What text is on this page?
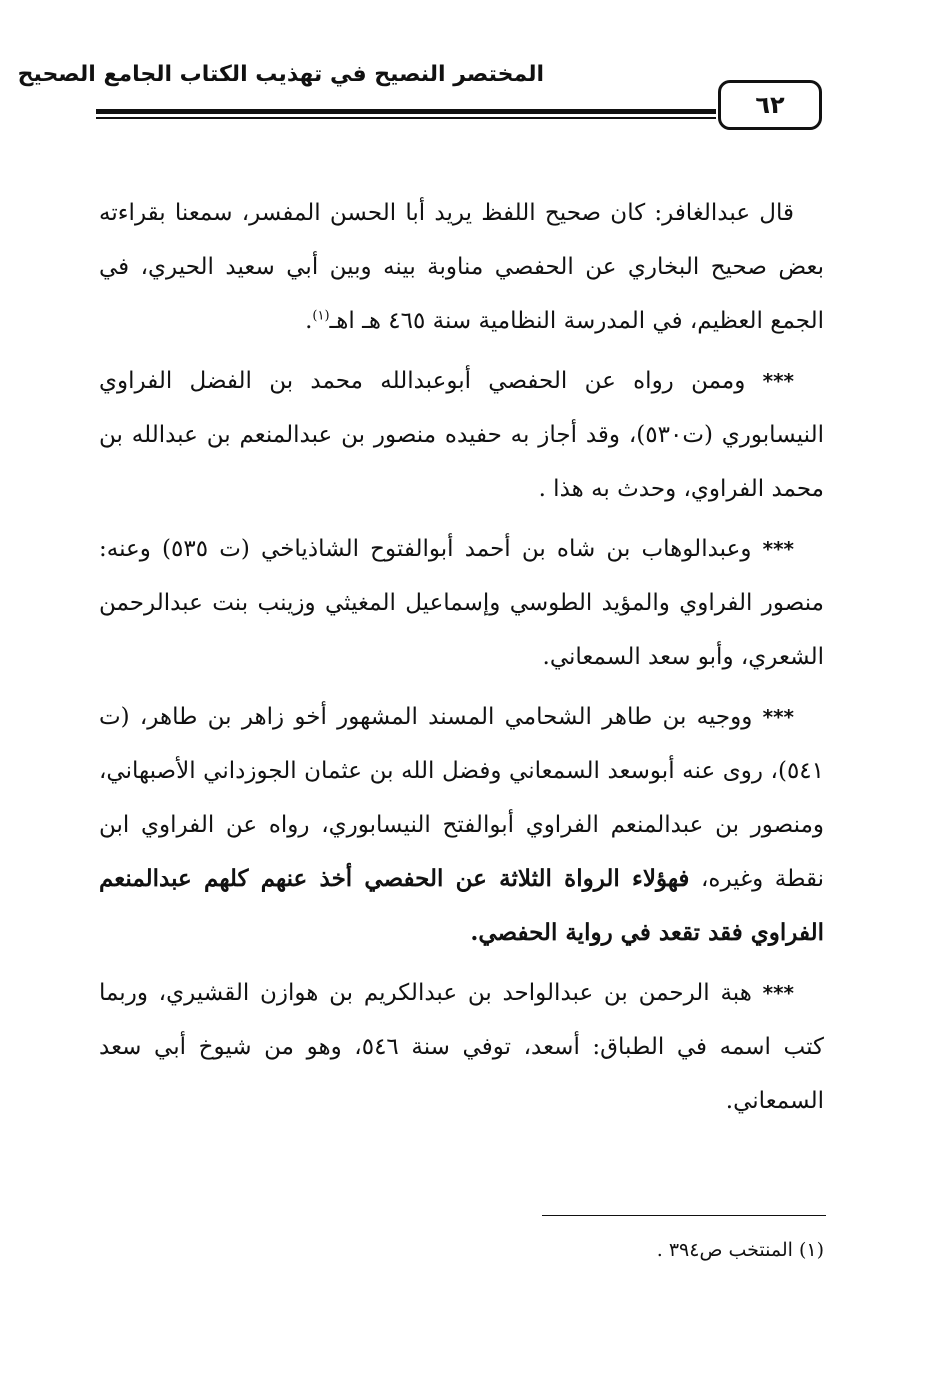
المختصر النصيح في تهذيب الكتاب الجامع الصحيح
٦٢

قال عبدالغافر: كان صحيح اللفظ يريد أبا الحسن المفسر، سمعنا بقراءته بعض صحيح البخاري عن الحفصي مناوبة بينه وبين أبي سعيد الحيري، في الجمع العظيم، في المدرسة النظامية سنة ٤٦٥ هـ اهـ$^{(١)}$.

*** وممن رواه عن الحفصي أبوعبدالله محمد بن الفضل الفراوي النيسابوري (ت٥٣٠)، وقد أجاز به حفيده منصور بن عبدالمنعم بن عبدالله بن محمد الفراوي، وحدث به هذا .

*** وعبدالوهاب بن شاه بن أحمد أبوالفتوح الشاذياخي (ت ٥٣٥) وعنه: منصور الفراوي والمؤيد الطوسي وإسماعيل المغيثي وزينب بنت عبدالرحمن الشعري، وأبو سعد السمعاني.

*** ووجيه بن طاهر الشحامي المسند المشهور أخو زاهر بن طاهر، (ت ٥٤١)، روى عنه أبوسعد السمعاني وفضل الله بن عثمان الجوزداني الأصبهاني، ومنصور بن عبدالمنعم الفراوي أبوالفتح النيسابوري، رواه عن الفراوي ابن نقطة وغيره، فهؤلاء الرواة الثلاثة عن الحفصي أخذ عنهم كلهم عبدالمنعم الفراوي فقد تقعد في رواية الحفصي.

*** هبة الرحمن بن عبدالواحد بن عبدالكريم بن هوازن القشيري، وربما كتب اسمه في الطباق: أسعد، توفي سنة ٥٤٦، وهو من شيوخ أبي سعد السمعاني.

(١) المنتخب ص٣٩٤ .
